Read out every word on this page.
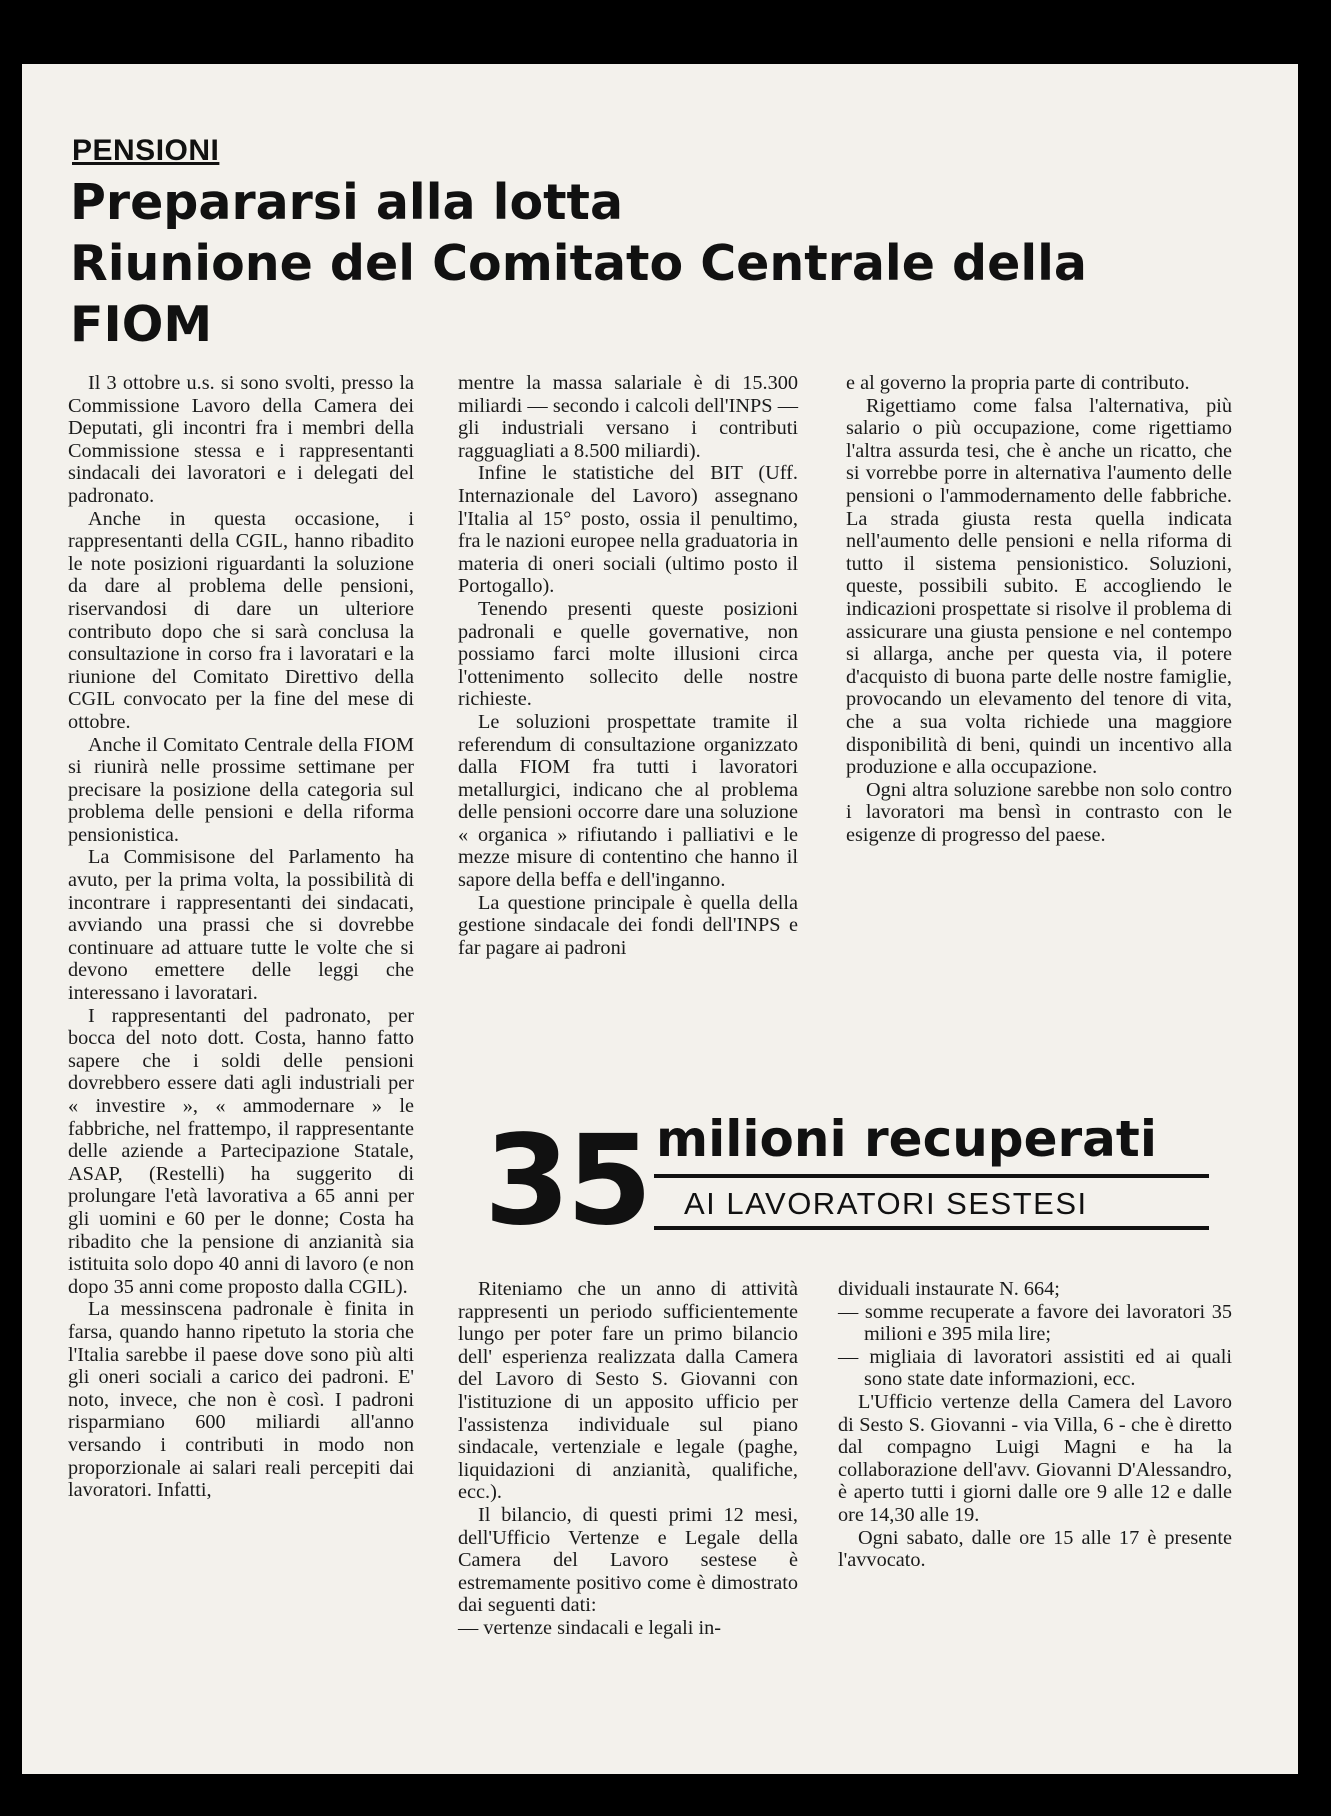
PENSIONI
Prepararsi alla lotta
Riunione del Comitato Centrale della
FIOM

Il 3 ottobre u.s. si sono svolti, presso la Commissione Lavoro della Camera dei Deputati, gli incontri fra i membri della Commissione stessa e i rappresentanti sindacali dei lavoratori e i delegati del padronato.

Anche in questa occasione, i rappresentanti della CGIL, hanno ribadito le note posizioni riguardanti la soluzione da dare al problema delle pensioni, riservandosi di dare un ulteriore contributo dopo che si sarà conclusa la consultazione in corso fra i lavoratari e la riunione del Comitato Direttivo della CGIL convocato per la fine del mese di ottobre.

Anche il Comitato Centrale della FIOM si riunirà nelle prossime settimane per precisare la posizione della categoria sul problema delle pensioni e della riforma pensionistica.

La Commisisone del Parlamento ha avuto, per la prima volta, la possibilità di incontrare i rappresentanti dei sindacati, avviando una prassi che si dovrebbe continuare ad attuare tutte le volte che si devono emettere delle leggi che interessano i lavoratari.

I rappresentanti del padronato, per bocca del noto dott. Costa, hanno fatto sapere che i soldi delle pensioni dovrebbero essere dati agli industriali per « investire », « ammodernare » le fabbriche, nel frattempo, il rappresentante delle aziende a Partecipazione Statale, ASAP, (Restelli) ha suggerito di prolungare l'età lavorativa a 65 anni per gli uomini e 60 per le donne; Costa ha ribadito che la pensione di anzianità sia istituita solo dopo 40 anni di lavoro (e non dopo 35 anni come proposto dalla CGIL).

La messinscena padronale è finita in farsa, quando hanno ripetuto la storia che l'Italia sarebbe il paese dove sono più alti gli oneri sociali a carico dei padroni. E' noto, invece, che non è così. I padroni risparmiano 600 miliardi all'anno versando i contributi in modo non proporzionale ai salari reali percepiti dai lavoratori. Infatti,

mentre la massa salariale è di 15.300 miliardi — secondo i calcoli dell'INPS — gli industriali versano i contributi ragguagliati a 8.500 miliardi).

Infine le statistiche del BIT (Uff. Internazionale del Lavoro) assegnano l'Italia al 15° posto, ossia il penultimo, fra le nazioni europee nella graduatoria in materia di oneri sociali (ultimo posto il Portogallo).

Tenendo presenti queste posizioni padronali e quelle governative, non possiamo farci molte illusioni circa l'ottenimento sollecito delle nostre richieste.

Le soluzioni prospettate tramite il referendum di consultazione organizzato dalla FIOM fra tutti i lavoratori metallurgici, indicano che al problema delle pensioni occorre dare una soluzione « organica » rifiutando i palliativi e le mezze misure di contentino che hanno il sapore della beffa e dell'inganno.

La questione principale è quella della gestione sindacale dei fondi dell'INPS e far pagare ai padroni

e al governo la propria parte di contributo.

Rigettiamo come falsa l'alternativa, più salario o più occupazione, come rigettiamo l'altra assurda tesi, che è anche un ricatto, che si vorrebbe porre in alternativa l'aumento delle pensioni o l'ammodernamento delle fabbriche. La strada giusta resta quella indicata nell'aumento delle pensioni e nella riforma di tutto il sistema pensionistico. Soluzioni, queste, possibili subito. E accogliendo le indicazioni prospettate si risolve il problema di assicurare una giusta pensione e nel contempo si allarga, anche per questa via, il potere d'acquisto di buona parte delle nostre famiglie, provocando un elevamento del tenore di vita, che a sua volta richiede una maggiore disponibilità di beni, quindi un incentivo alla produzione e alla occupazione.

Ogni altra soluzione sarebbe non solo contro i lavoratori ma bensì in contrasto con le esigenze di progresso del paese.

35 milioni recuperati
AI LAVORATORI SESTESI

Riteniamo che un anno di attività rappresenti un periodo sufficientemente lungo per poter fare un primo bilancio dell' esperienza realizzata dalla Camera del Lavoro di Sesto S. Giovanni con l'istituzione di un apposito ufficio per l'assistenza individuale sul piano sindacale, vertenziale e legale (paghe, liquidazioni di anzianità, qualifiche, ecc.).

Il bilancio, di questi primi 12 mesi, dell'Ufficio Vertenze e Legale della Camera del Lavoro sestese è estremamente positivo come è dimostrato dai seguenti dati:

— vertenze sindacali e legali in-

dividuali instaurate N. 664;

— somme recuperate a favore dei lavoratori 35 milioni e 395 mila lire;

— migliaia di lavoratori assistiti ed ai quali sono state date informazioni, ecc.

L'Ufficio vertenze della Camera del Lavoro di Sesto S. Giovanni - via Villa, 6 - che è diretto dal compagno Luigi Magni e ha la collaborazione dell'avv. Giovanni D'Alessandro, è aperto tutti i giorni dalle ore 9 alle 12 e dalle ore 14,30 alle 19.

Ogni sabato, dalle ore 15 alle 17 è presente l'avvocato.
